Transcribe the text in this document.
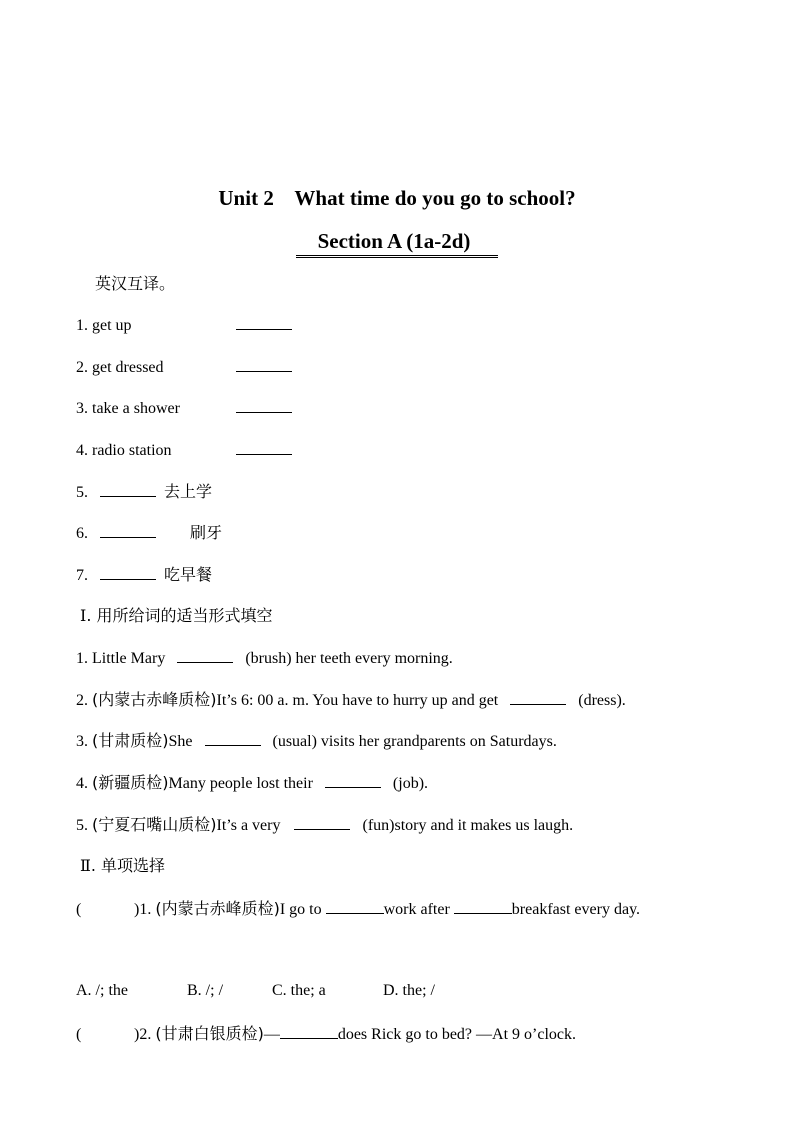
Unit 2    What time do you go to school?
Section A (1a-2d)
英汉互译。
1. get up
2. get dressed
3. take a shower
4. radio station
5.	去上学
6.	刷牙
7.	吃早餐
Ⅰ. 用所给词的适当形式填空
1. Little Mary	(brush) her teeth every morning.
2. (内蒙古赤峰质检)It’s 6: 00 a. m. You have to hurry up and get	(dress).
3. (甘肃质检)She	(usual) visits her grandparents on Saturdays.
4. (新疆质检)Many people lost their	(job).
5. (宁夏石嘴山质检)It’s a very	(fun)story and it makes us laugh.
Ⅱ. 单项选择
(	)1. (内蒙古赤峰质检)I go to	work after	breakfast every day.
A. /; the	B. /; /	C. the; a	D. the; /
(	)2. (甘肃白银质检)—	does Rick go to bed? —At 9 o’clock.
